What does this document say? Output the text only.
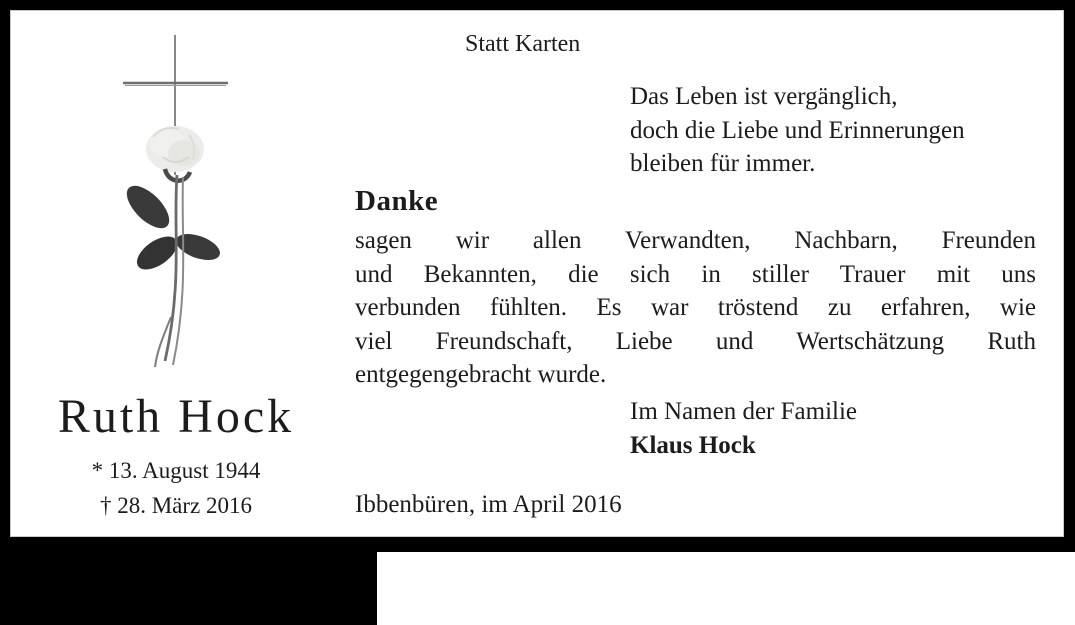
Ruth Hock
* 13. August 1944
† 28. März 2016
Statt Karten
Das Leben ist vergänglich,
doch die Liebe und Erinnerungen
bleiben für immer.
Danke
sagen wir allen Verwandten, Nachbarn, Freunden
und Bekannten, die sich in stiller Trauer mit uns
verbunden fühlten. Es war tröstend zu erfahren, wie
viel Freundschaft, Liebe und Wertschätzung Ruth
entgegengebracht wurde.
Im Namen der Familie
Klaus Hock
Ibbenbüren, im April 2016
